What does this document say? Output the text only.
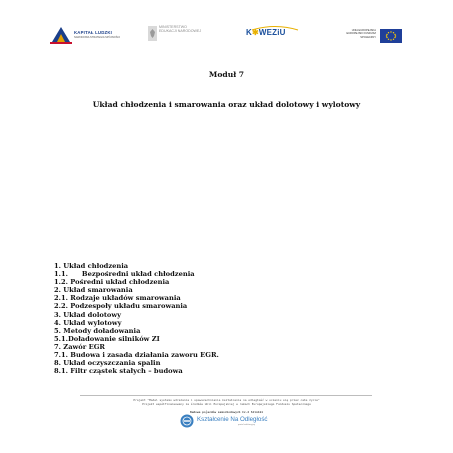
KAPITAŁ LUDZKI
NARODOWA STRATEGIA SPÓJNOŚCI
MINISTERSTWO EDUKACJI NARODOWEJ	K✱WEZiU	UNIA EUROPEJSKA EUROPEJSKI FUNDUSZ SPOŁECZNY
Moduł 7
Układ chłodzenia i smarowania oraz układ dolotowy i wylotowy
1. Układ chłodzenia
1.1.      Bezpośredni układ chłodzenia
1.2. Pośredni układ chłodzenia
2. Układ smarowania
2.1. Rodzaje układów smarowania
2.2. Podzespoły układu smarowania
3. Układ dolotowy
4. Układ wylotowy
5. Metody doładowania
5.1.Doładowanie silników ZI
7. Zawór EGR
7.1. Budowa i zasada działania zaworu EGR.
8. Układ oczyszczania spalin
8.1. Filtr cząstek stałych – budowa
Projekt "Model systemu wdrażania i upowszechniania kształcenia na odległość w uczeniu się przez całe życie"
Projekt współfinansowany ze środków Unii Europejskiej w ramach Europejskiego Funduszu Społecznego
Budowa pojazdów samochodowych Cz.2 Silniki
Kształcenie Na Odległość
portal edukacyjny
